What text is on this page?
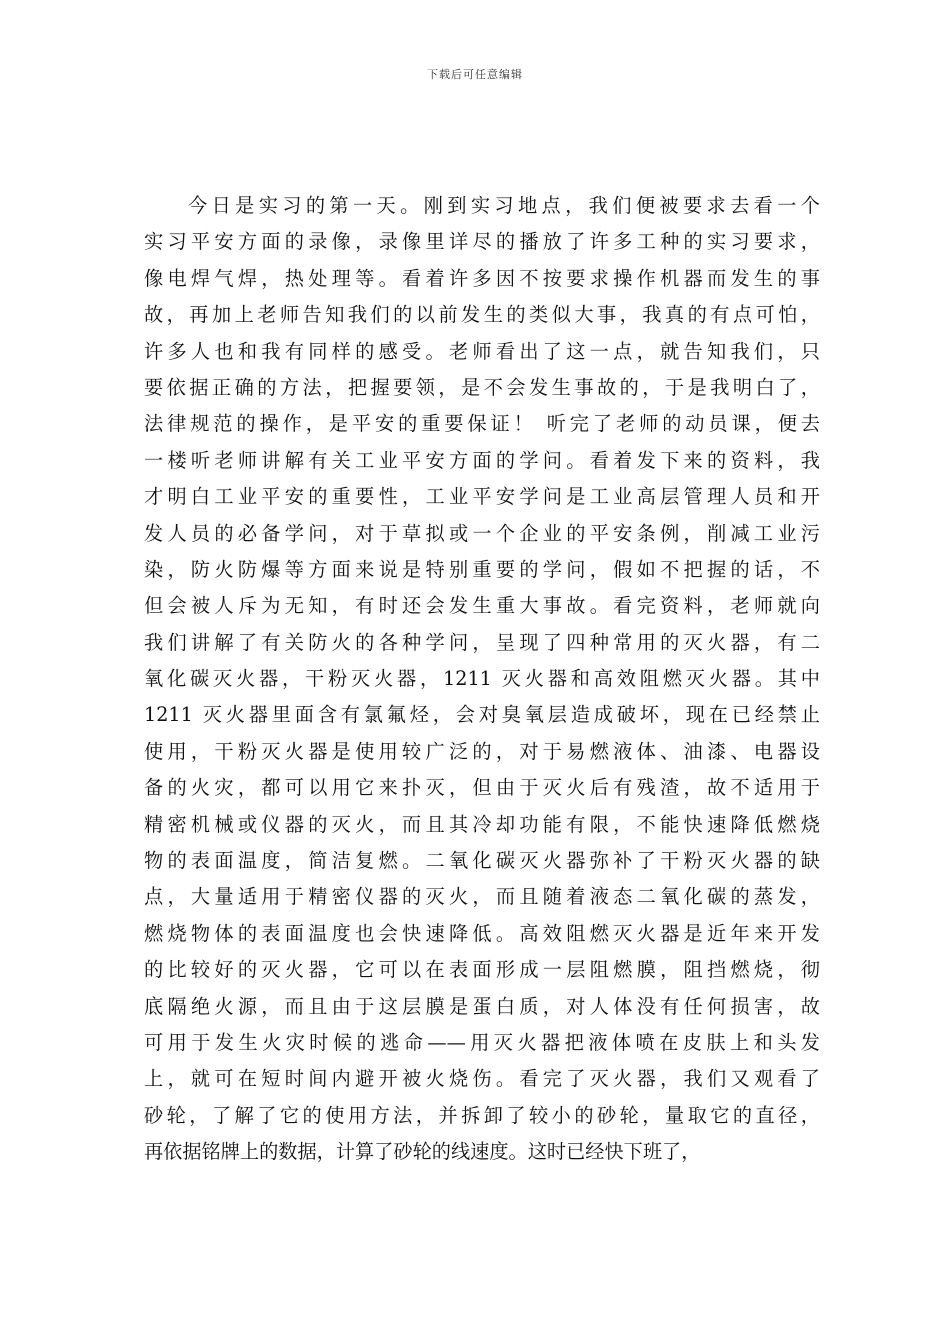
下载后可任意编辑
今日是实习的第一天。刚到实习地点，我们便被要求去看一个
实习平安方面的录像，录像里详尽的播放了许多工种的实习要求，
像电焊气焊，热处理等。看着许多因不按要求操作机器而发生的事
故，再加上老师告知我们的以前发生的类似大事，我真的有点可怕，
许多人也和我有同样的感受。老师看出了这一点，就告知我们，只
要依据正确的方法，把握要领，是不会发生事故的，于是我明白了，
法律规范的操作，是平安的重要保证！ 听完了老师的动员课，便去
一楼听老师讲解有关工业平安方面的学问。看着发下来的资料，我
才明白工业平安的重要性，工业平安学问是工业高层管理人员和开
发人员的必备学问，对于草拟或一个企业的平安条例，削减工业污
染，防火防爆等方面来说是特别重要的学问，假如不把握的话，不
但会被人斥为无知，有时还会发生重大事故。看完资料，老师就向
我们讲解了有关防火的各种学问，呈现了四种常用的灭火器，有二
氧化碳灭火器，干粉灭火器，1211 灭火器和高效阻燃灭火器。其中
1211 灭火器里面含有氯氟烃，会对臭氧层造成破坏，现在已经禁止
使用，干粉灭火器是使用较广泛的，对于易燃液体、油漆、电器设
备的火灾，都可以用它来扑灭，但由于灭火后有残渣，故不适用于
精密机械或仪器的灭火，而且其冷却功能有限，不能快速降低燃烧
物的表面温度，简洁复燃。二氧化碳灭火器弥补了干粉灭火器的缺
点，大量适用于精密仪器的灭火，而且随着液态二氧化碳的蒸发，
燃烧物体的表面温度也会快速降低。高效阻燃灭火器是近年来开发
的比较好的灭火器，它可以在表面形成一层阻燃膜，阻挡燃烧，彻
底隔绝火源，而且由于这层膜是蛋白质，对人体没有任何损害，故
可用于发生火灾时候的逃命——用灭火器把液体喷在皮肤上和头发
上，就可在短时间内避开被火烧伤。看完了灭火器，我们又观看了
砂轮，了解了它的使用方法，并拆卸了较小的砂轮，量取它的直径，
再依据铭牌上的数据，计算了砂轮的线速度。这时已经快下班了，
